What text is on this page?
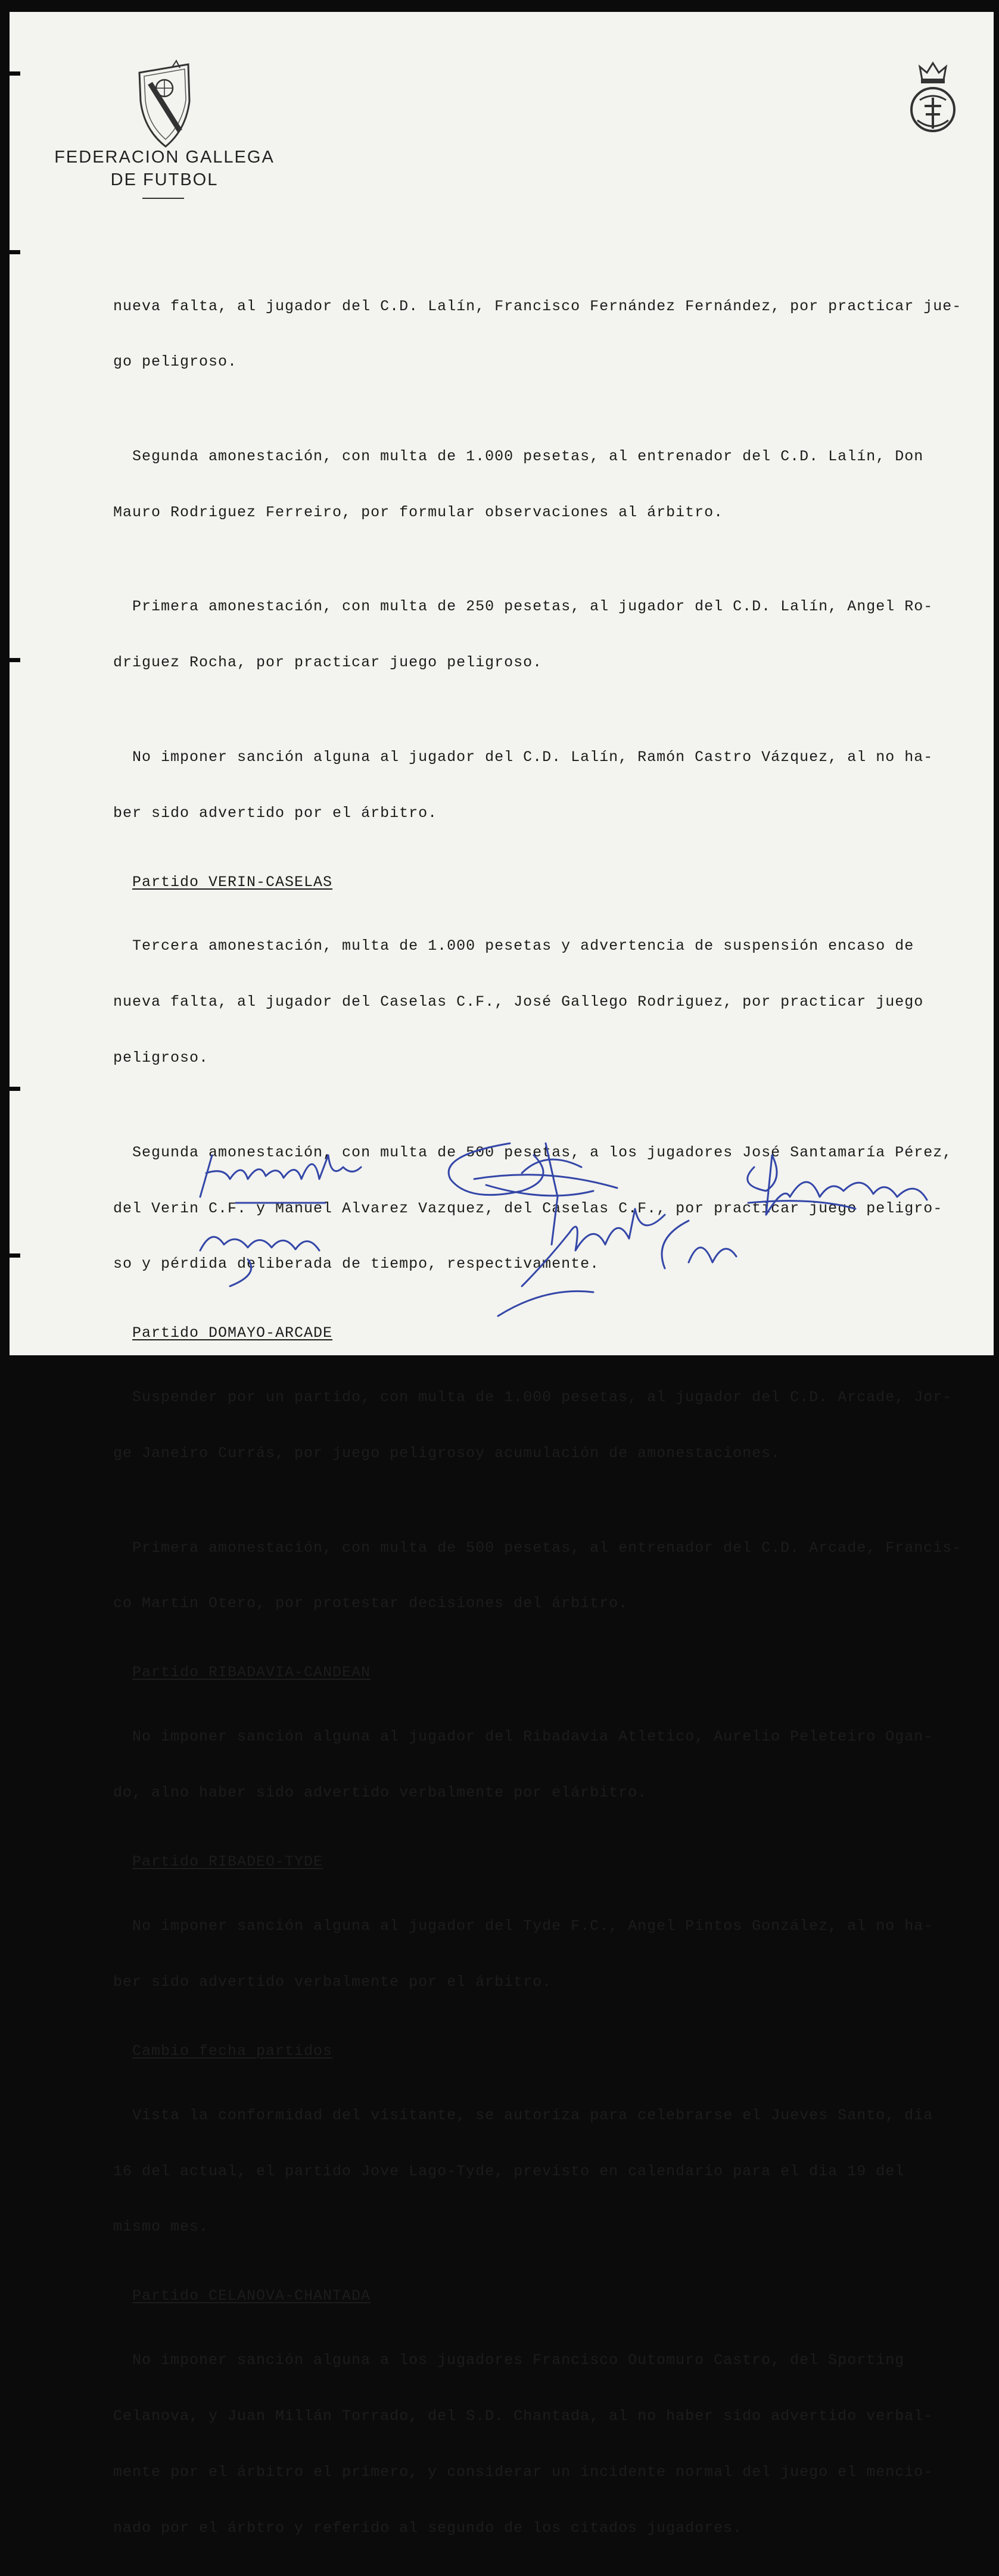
FEDERACION GALLEGA
DE FUTBOL

nueva falta, al jugador del C.D. Lalín, Francisco Fernández Fernández, por practicar jue-

go peligroso.

Segunda amonestación, con multa de 1.000 pesetas, al entrenador del C.D. Lalín, Don

Mauro Rodriguez Ferreiro, por formular observaciones al árbitro.

Primera amonestación, con multa de 250 pesetas, al jugador del C.D. Lalín, Angel Ro-

driguez Rocha, por practicar juego peligroso.

No imponer sanción alguna al jugador del C.D. Lalín, Ramón Castro Vázquez, al no ha-

ber sido advertido por el árbitro.

Partido VERIN-CASELAS

Tercera amonestación, multa de 1.000 pesetas y advertencia de suspensión encaso de

nueva falta, al jugador del Caselas C.F., José Gallego Rodriguez, por practicar juego

peligroso.

Segunda amonestación, con multa de 500 pesetas, a los jugadores José Santamaría Pérez,

del Verin C.F. y Manuel Alvarez Vazquez, del Caselas C.F., por practicar juego peligro-

so y pérdida deliberada de tiempo, respectivamente.

Partido DOMAYO-ARCADE

Suspender por un partido, con multa de 1.000 pesetas, al jugador del C.D. Arcade, Jor-

ge Janeiro Currás, por juego peligrosoy acumulación de amonestaciones.

Primera amonestación, con multa de 500 pesetas, al entrenador del C.D. Arcade, Francis-

co Martin Otero, por protestar decisiones del árbitro.

Partido RIBADAVIA-CANDEAN

No imponer sanción alguna al jugador del Ribadavia Atletico, Aurelio Peleteiro Ogan-

do, alno haber sido advertido verbalmente por elárbitro.

Partido RIBADEO-TYDE

No imponer sanción alguna al jugador del Tyde F.C., Angel Pintos González, al no ha-

ber sido advertido verbalmente por el árbitro.

Cambio fecha partidos

Vista la conformidad del visitante, se autoriza para celebrarse el Jueves Santo, dia

16 del actual, el partido Jove Lago-Tyde, previsto en calendario para el dia 19 del

mismo mes.

Partido CELANOVA-CHANTADA

No imponer sanción alguna a los jugadores Francisco Outomuro Castro, del Sporting

Celanova, y Juan Millán Torrado, del S.D. Chantada, al no haber sido advertido verbal-

mente por el árbitro el primero, y considerar un incidente normal del juego el mencio-

nado por el árbtro y referido al segundo de los citados jugadores.
